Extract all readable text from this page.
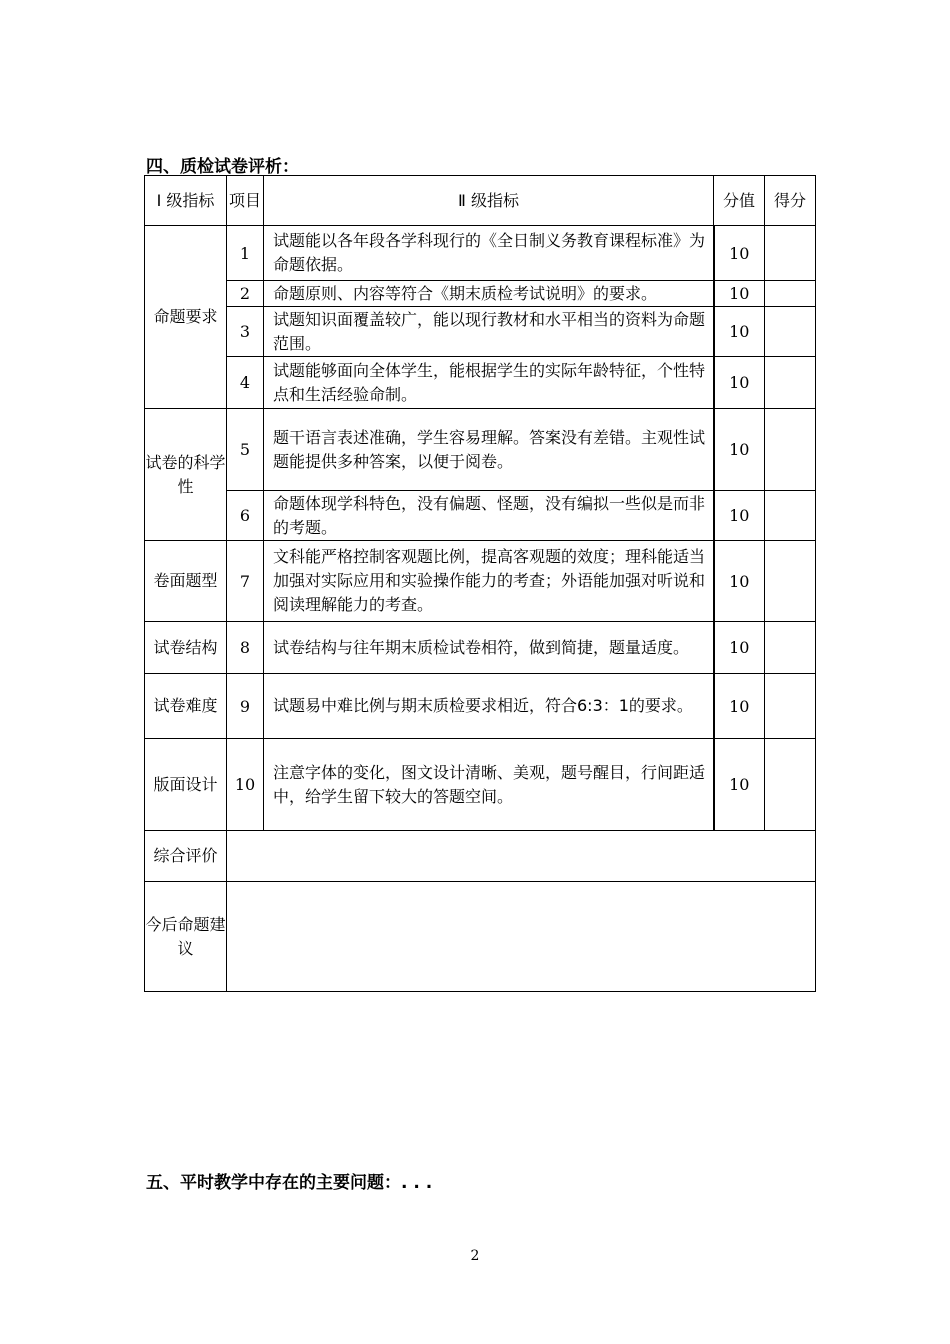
四、质检试卷评析：
Ⅰ 级指标	项目	Ⅱ 级指标	分值	得分
命题要求	1	试题能以各年段各学科现行的《全日制义务教育课程标准》为命题依据。	10	
	2	命题原则、内容等符合《期末质检考试说明》的要求。	10	
	3	试题知识面覆盖较广，能以现行教材和水平相当的资料为命题范围。	10	
	4	试题能够面向全体学生，能根据学生的实际年龄特征，个性特点和生活经验命制。	10	
试卷的科学性	5	题干语言表述准确，学生容易理解。答案没有差错。主观性试题能提供多种答案，以便于阅卷。	10	
	6	命题体现学科特色，没有偏题、怪题，没有编拟一些似是而非的考题。	10	
卷面题型	7	文科能严格控制客观题比例，提高客观题的效度；理科能适当加强对实际应用和实验操作能力的考查；外语能加强对听说和阅读理解能力的考查。	10	
试卷结构	8	试卷结构与往年期末质检试卷相符，做到简捷，题量适度。	10	
试卷难度	9	试题易中难比例与期末质检要求相近，符合6:3：1的要求。	10	
版面设计	10	注意字体的变化，图文设计清晰、美观，题号醒目，行间距适中，给学生留下较大的答题空间。	10	
综合评价				
今后命题建议				
五、平时教学中存在的主要问题：. . .
2
